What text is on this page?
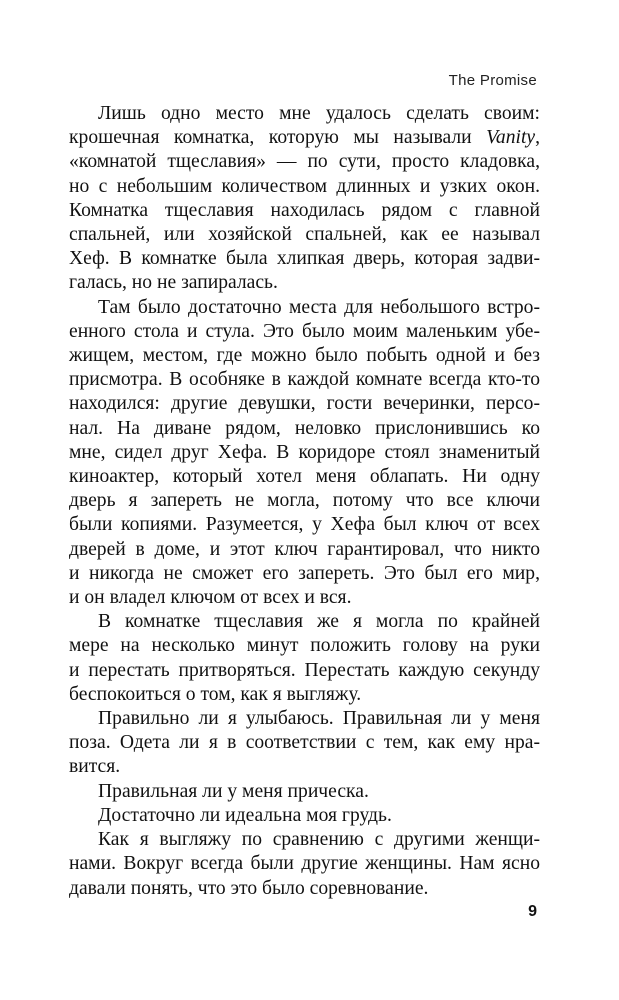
The Promise
Лишь одно место мне удалось сделать своим:
крошечная комнатка, которую мы называли Vanity,
«комнатой тщеславия» — по сути, просто кладовка,
но с небольшим количеством длинных и узких окон.
Комнатка тщеславия находилась рядом с главной
спальней, или хозяйской спальней, как ее называл
Хеф. В комнатке была хлипкая дверь, которая задви-
галась, но не запиралась.
Там было достаточно места для небольшого встро-
енного стола и стула. Это было моим маленьким убе-
жищем, местом, где можно было побыть одной и без
присмотра. В особняке в каждой комнате всегда кто-то
находился: другие девушки, гости вечеринки, персо-
нал. На диване рядом, неловко прислонившись ко
мне, сидел друг Хефа. В коридоре стоял знаменитый
киноактер, который хотел меня облапать. Ни одну
дверь я запереть не могла, потому что все ключи
были копиями. Разумеется, у Хефа был ключ от всех
дверей в доме, и этот ключ гарантировал, что никто
и никогда не сможет его запереть. Это был его мир,
и он владел ключом от всех и вся.
В комнатке тщеславия же я могла по крайней
мере на несколько минут положить голову на руки
и перестать притворяться. Перестать каждую секунду
беспокоиться о том, как я выгляжу.
Правильно ли я улыбаюсь. Правильная ли у меня
поза. Одета ли я в соответствии с тем, как ему нра-
вится.
Правильная ли у меня прическа.
Достаточно ли идеальна моя грудь.
Как я выгляжу по сравнению с другими женщи-
нами. Вокруг всегда были другие женщины. Нам ясно
давали понять, что это было соревнование.
9
